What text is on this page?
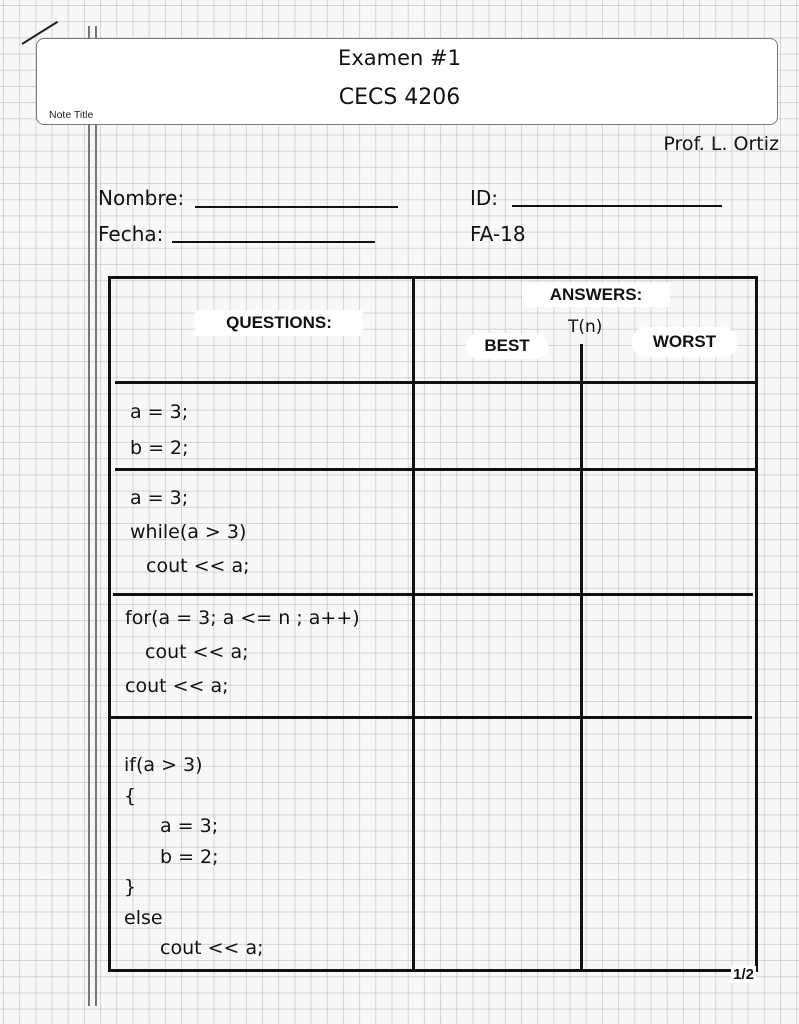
Note Title
Examen #1
CECS 4206
Prof. L. Ortiz
Nombre:
Fecha:
ID:
FA-18
QUESTIONS:
ANSWERS:
T(n)
BEST	WORST
a = 3;
b = 2;
a = 3;
while(a > 3)
cout << a;
for(a = 3; a <= n ; a++)
cout << a;
cout << a;
if(a > 3)
{
a = 3;
b = 2;
}
else
cout << a;
1/2
